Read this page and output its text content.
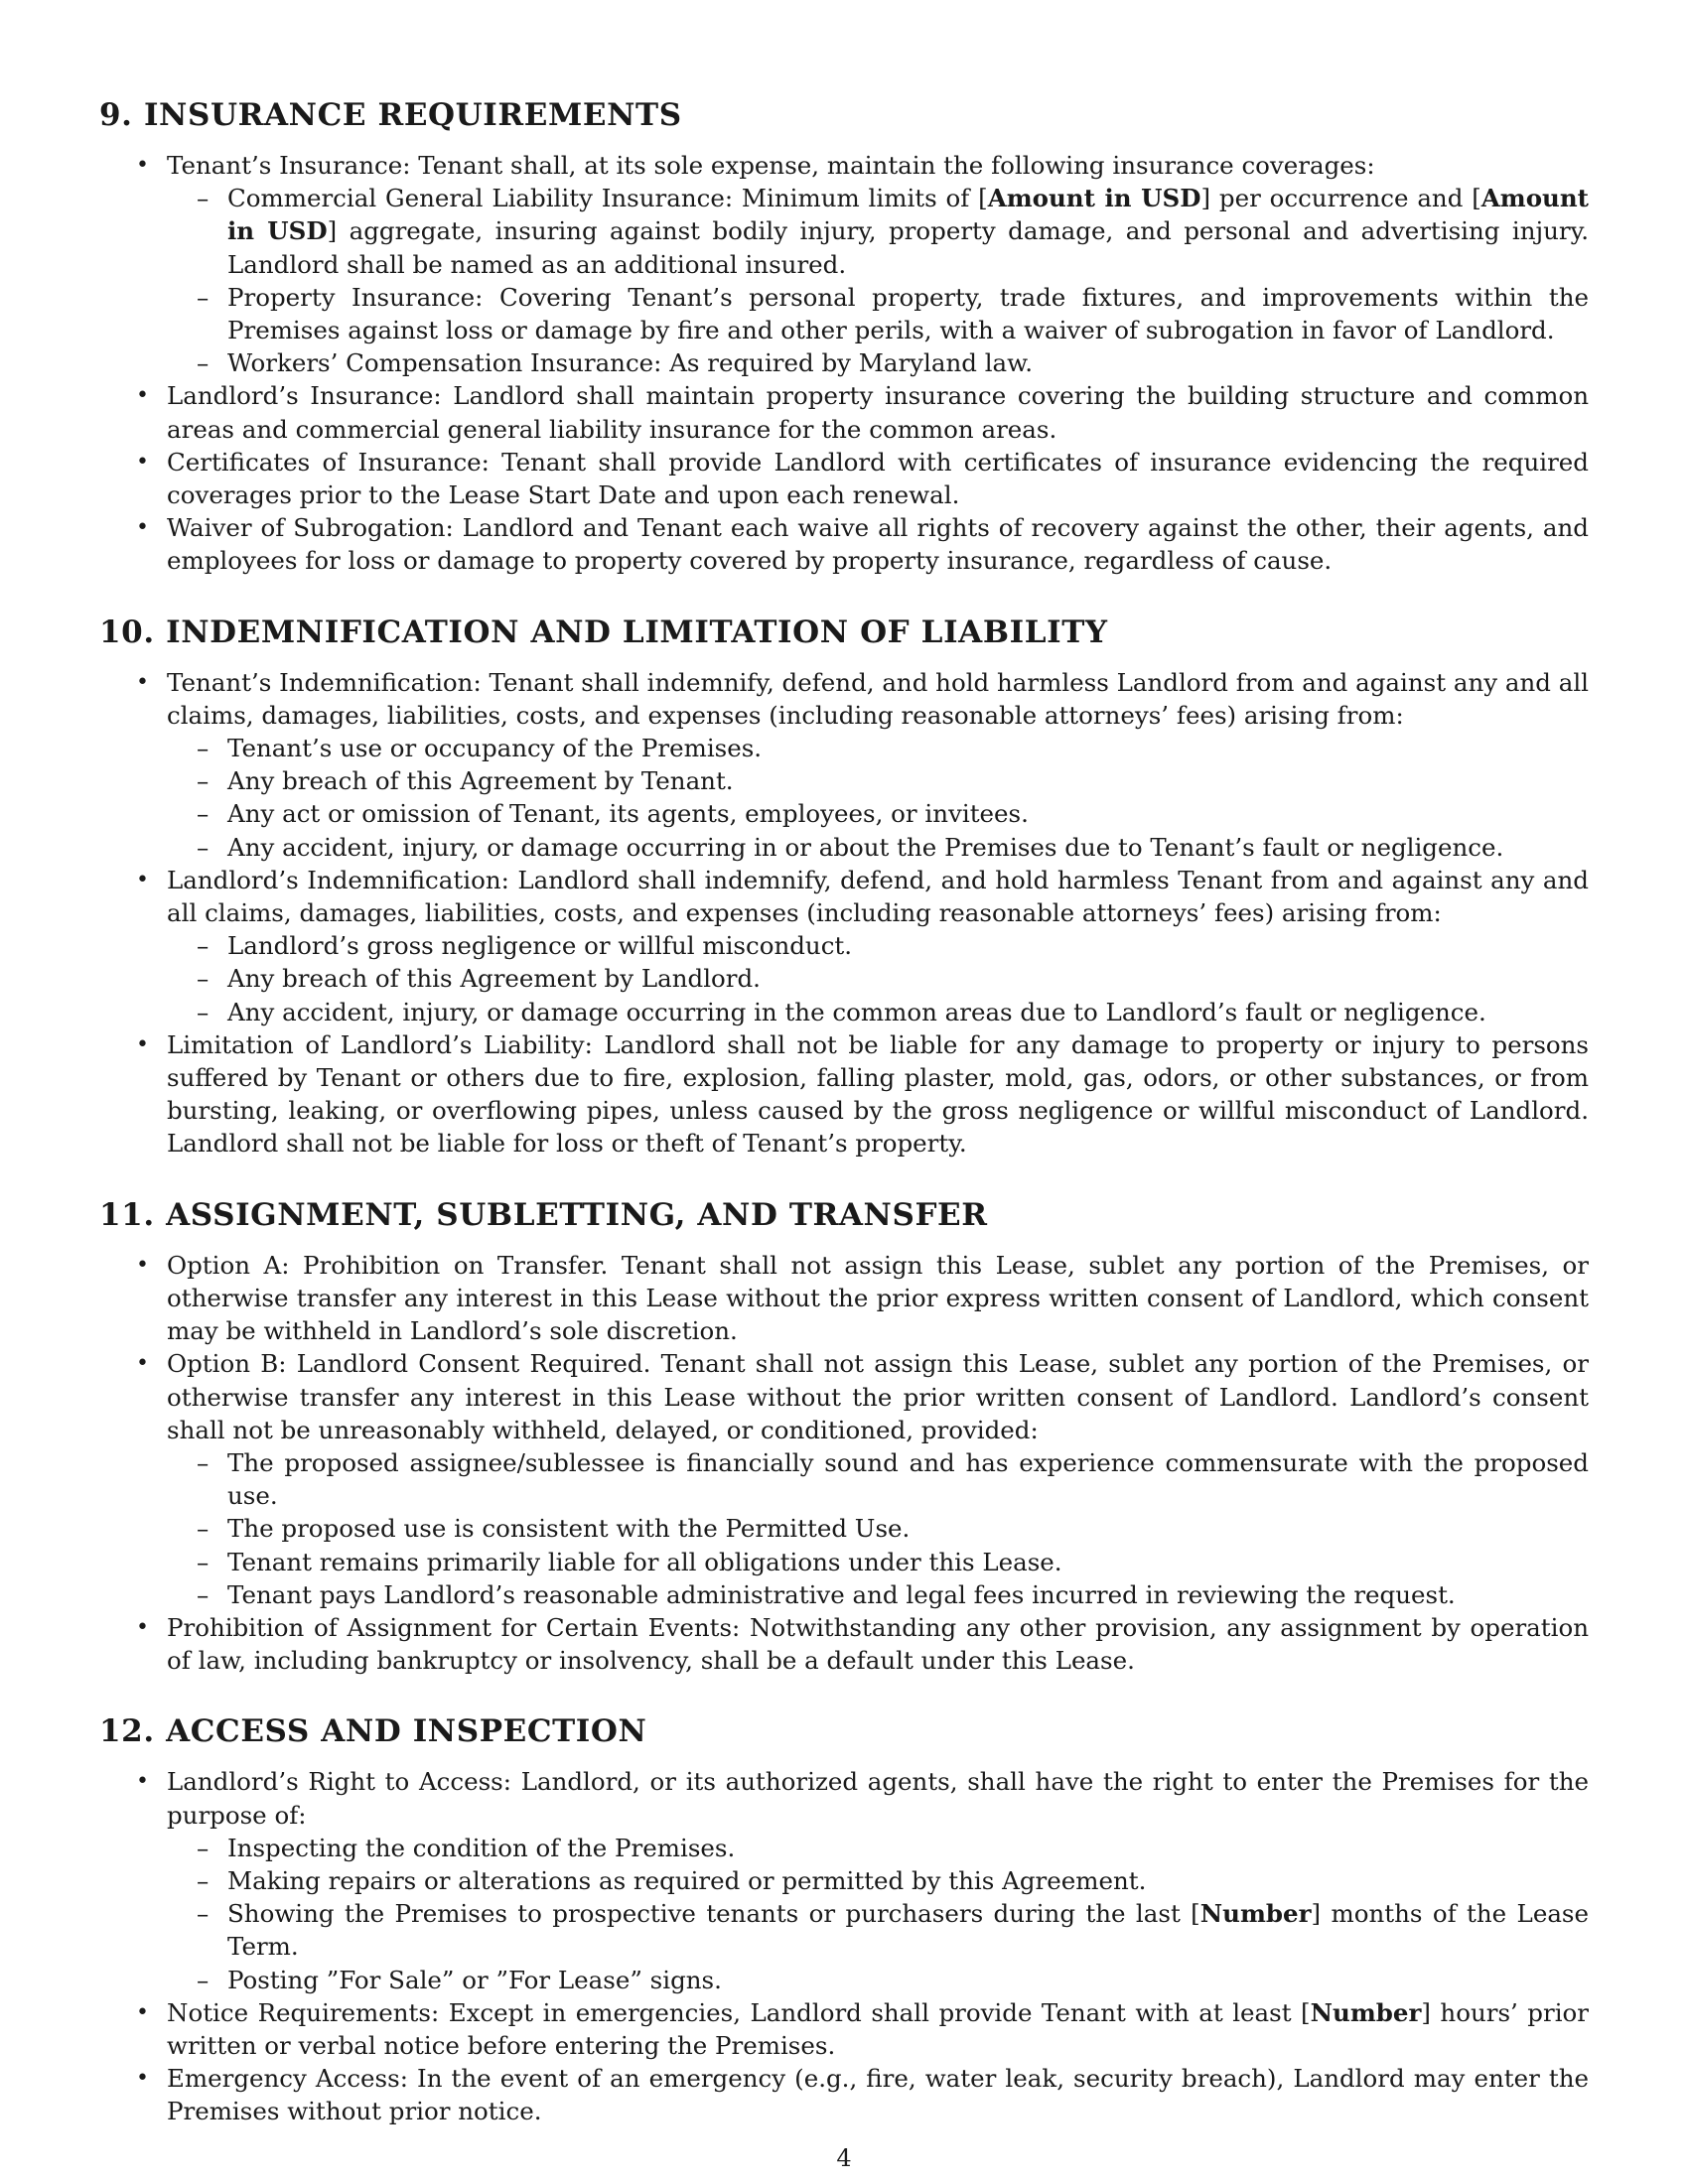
9. INSURANCE REQUIREMENTS
• Tenant’s Insurance: Tenant shall, at its sole expense, maintain the following insurance coverages:
– Commercial General Liability Insurance: Minimum limits of [Amount in USD] per occurrence and [Amount in USD] aggregate, insuring against bodily injury, property damage, and personal and advertising injury. Landlord shall be named as an additional insured.
– Property Insurance: Covering Tenant’s personal property, trade fixtures, and improvements within the Premises against loss or damage by fire and other perils, with a waiver of subrogation in favor of Landlord.
– Workers’ Compensation Insurance: As required by Maryland law.
• Landlord’s Insurance: Landlord shall maintain property insurance covering the building structure and common areas and commercial general liability insurance for the common areas.
• Certificates of Insurance: Tenant shall provide Landlord with certificates of insurance evidencing the required coverages prior to the Lease Start Date and upon each renewal.
• Waiver of Subrogation: Landlord and Tenant each waive all rights of recovery against the other, their agents, and employees for loss or damage to property covered by property insurance, regardless of cause.
10. INDEMNIFICATION AND LIMITATION OF LIABILITY
• Tenant’s Indemnification: Tenant shall indemnify, defend, and hold harmless Landlord from and against any and all claims, damages, liabilities, costs, and expenses (including reasonable attorneys’ fees) arising from:
– Tenant’s use or occupancy of the Premises.
– Any breach of this Agreement by Tenant.
– Any act or omission of Tenant, its agents, employees, or invitees.
– Any accident, injury, or damage occurring in or about the Premises due to Tenant’s fault or negligence.
• Landlord’s Indemnification: Landlord shall indemnify, defend, and hold harmless Tenant from and against any and all claims, damages, liabilities, costs, and expenses (including reasonable attorneys’ fees) arising from:
– Landlord’s gross negligence or willful misconduct.
– Any breach of this Agreement by Landlord.
– Any accident, injury, or damage occurring in the common areas due to Landlord’s fault or negligence.
• Limitation of Landlord’s Liability: Landlord shall not be liable for any damage to property or injury to persons suffered by Tenant or others due to fire, explosion, falling plaster, mold, gas, odors, or other substances, or from bursting, leaking, or overflowing pipes, unless caused by the gross negligence or willful misconduct of Landlord. Landlord shall not be liable for loss or theft of Tenant’s property.
11. ASSIGNMENT, SUBLETTING, AND TRANSFER
• Option A: Prohibition on Transfer. Tenant shall not assign this Lease, sublet any portion of the Premises, or otherwise transfer any interest in this Lease without the prior express written consent of Landlord, which consent may be withheld in Landlord’s sole discretion.
• Option B: Landlord Consent Required. Tenant shall not assign this Lease, sublet any portion of the Premises, or otherwise transfer any interest in this Lease without the prior written consent of Landlord. Landlord’s consent shall not be unreasonably withheld, delayed, or conditioned, provided:
– The proposed assignee/sublessee is financially sound and has experience commensurate with the proposed use.
– The proposed use is consistent with the Permitted Use.
– Tenant remains primarily liable for all obligations under this Lease.
– Tenant pays Landlord’s reasonable administrative and legal fees incurred in reviewing the request.
• Prohibition of Assignment for Certain Events: Notwithstanding any other provision, any assignment by operation of law, including bankruptcy or insolvency, shall be a default under this Lease.
12. ACCESS AND INSPECTION
• Landlord’s Right to Access: Landlord, or its authorized agents, shall have the right to enter the Premises for the purpose of:
– Inspecting the condition of the Premises.
– Making repairs or alterations as required or permitted by this Agreement.
– Showing the Premises to prospective tenants or purchasers during the last [Number] months of the Lease Term.
– Posting ”For Sale” or ”For Lease” signs.
• Notice Requirements: Except in emergencies, Landlord shall provide Tenant with at least [Number] hours’ prior written or verbal notice before entering the Premises.
• Emergency Access: In the event of an emergency (e.g., fire, water leak, security breach), Landlord may enter the Premises without prior notice.
4
